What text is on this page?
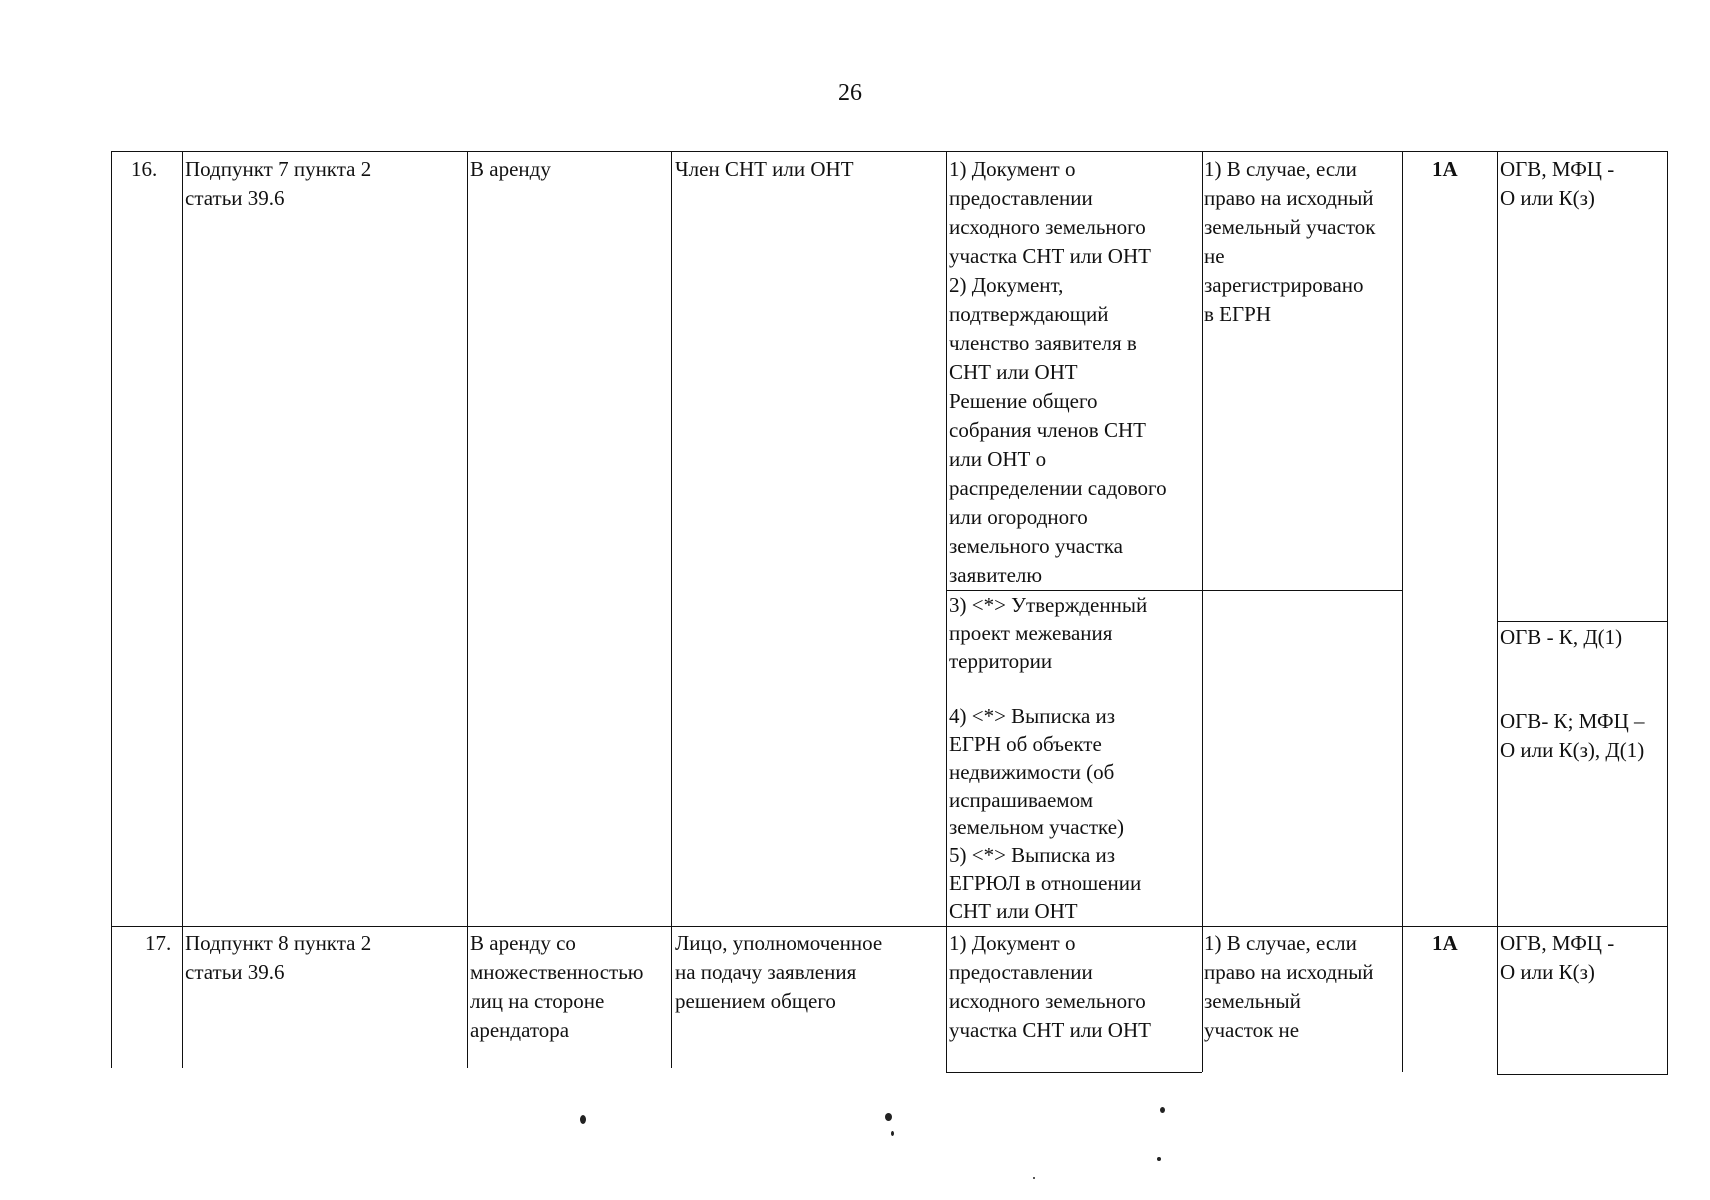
26
16. Подпункт 7 пункта 2
статьи 39.6
В аренду	Член СНТ или ОНТ	1) Документ о
предоставлении
исходного земельного
участка СНТ или ОНТ
2) Документ,
подтверждающий
членство заявителя в
СНТ или ОНТ
Решение общего
собрания членов СНТ
или ОНТ о
распределении садового
или огородного
земельного участка
заявителю
3) <*> Утвержденный
проект межевания
территории

4) <*> Выписка из
ЕГРН об объекте
недвижимости (об
испрашиваемом
земельном участке)
5) <*> Выписка из
ЕГРЮЛ в отношении
СНТ или ОНТ
1) В случае, если
право на исходный
земельный участок
не
зарегистрировано
в ЕГРН
1А ОГВ, МФЦ -
О или К(з)
ОГВ - К, Д(1)
ОГВ- К; МФЦ –
О или К(з), Д(1)
17. Подпункт 8 пункта 2
статьи 39.6
В аренду со
множественностью
лиц на стороне
арендатора
Лицо, уполномоченное
на подачу заявления
решением общего
1) Документ о
предоставлении
исходного земельного
участка СНТ или ОНТ
1) В случае, если
право на исходный
земельный
участок не
1А ОГВ, МФЦ -
О или К(з)
